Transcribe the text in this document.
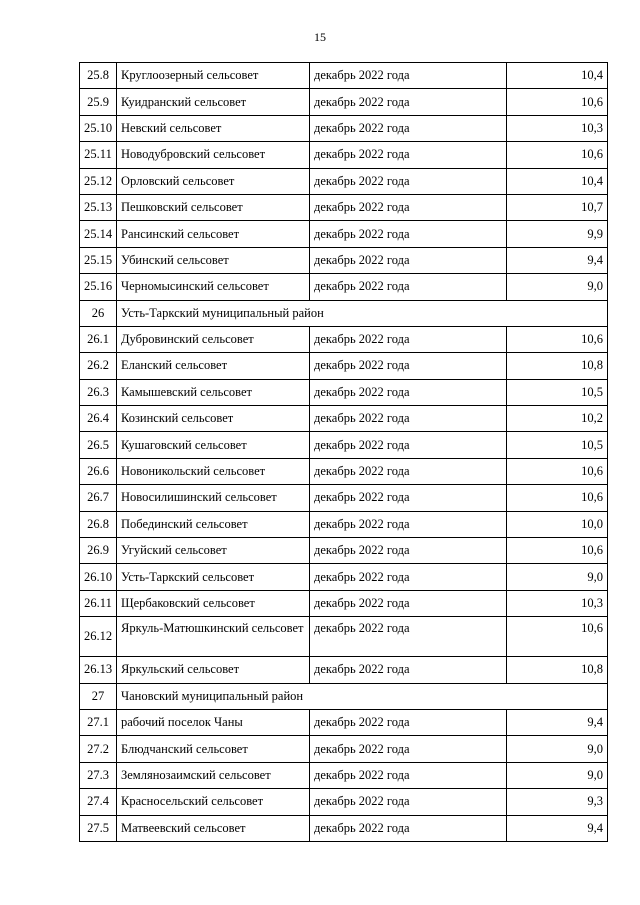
15
25.8	Круглоозерный сельсовет	декабрь 2022 года	10,4
25.9	Куидранский сельсовет	декабрь 2022 года	10,6
25.10	Невский сельсовет	декабрь 2022 года	10,3
25.11	Новодубровский сельсовет	декабрь 2022 года	10,6
25.12	Орловский сельсовет	декабрь 2022 года	10,4
25.13	Пешковский сельсовет	декабрь 2022 года	10,7
25.14	Рансинский сельсовет	декабрь 2022 года	9,9
25.15	Убинский сельсовет	декабрь 2022 года	9,4
25.16	Черномысинский сельсовет	декабрь 2022 года	9,0
26	Усть-Таркский муниципальный район		
26.1	Дубровинский сельсовет	декабрь 2022 года	10,6
26.2	Еланский сельсовет	декабрь 2022 года	10,8
26.3	Камышевский сельсовет	декабрь 2022 года	10,5
26.4	Козинский сельсовет	декабрь 2022 года	10,2
26.5	Кушаговский сельсовет	декабрь 2022 года	10,5
26.6	Новоникольский сельсовет	декабрь 2022 года	10,6
26.7	Новосилишинский сельсовет	декабрь 2022 года	10,6
26.8	Побединский сельсовет	декабрь 2022 года	10,0
26.9	Угуйский сельсовет	декабрь 2022 года	10,6
26.10	Усть-Таркский сельсовет	декабрь 2022 года	9,0
26.11	Щербаковский сельсовет	декабрь 2022 года	10,3
26.12	Яркуль-Матюшкинский сельсовет	декабрь 2022 года	10,6
26.13	Яркульский сельсовет	декабрь 2022 года	10,8
27	Чановский муниципальный район		
27.1	рабочий поселок Чаны	декабрь 2022 года	9,4
27.2	Блюдчанский сельсовет	декабрь 2022 года	9,0
27.3	Землянозаимский сельсовет	декабрь 2022 года	9,0
27.4	Красносельский сельсовет	декабрь 2022 года	9,3
27.5	Матвеевский сельсовет	декабрь 2022 года	9,4
